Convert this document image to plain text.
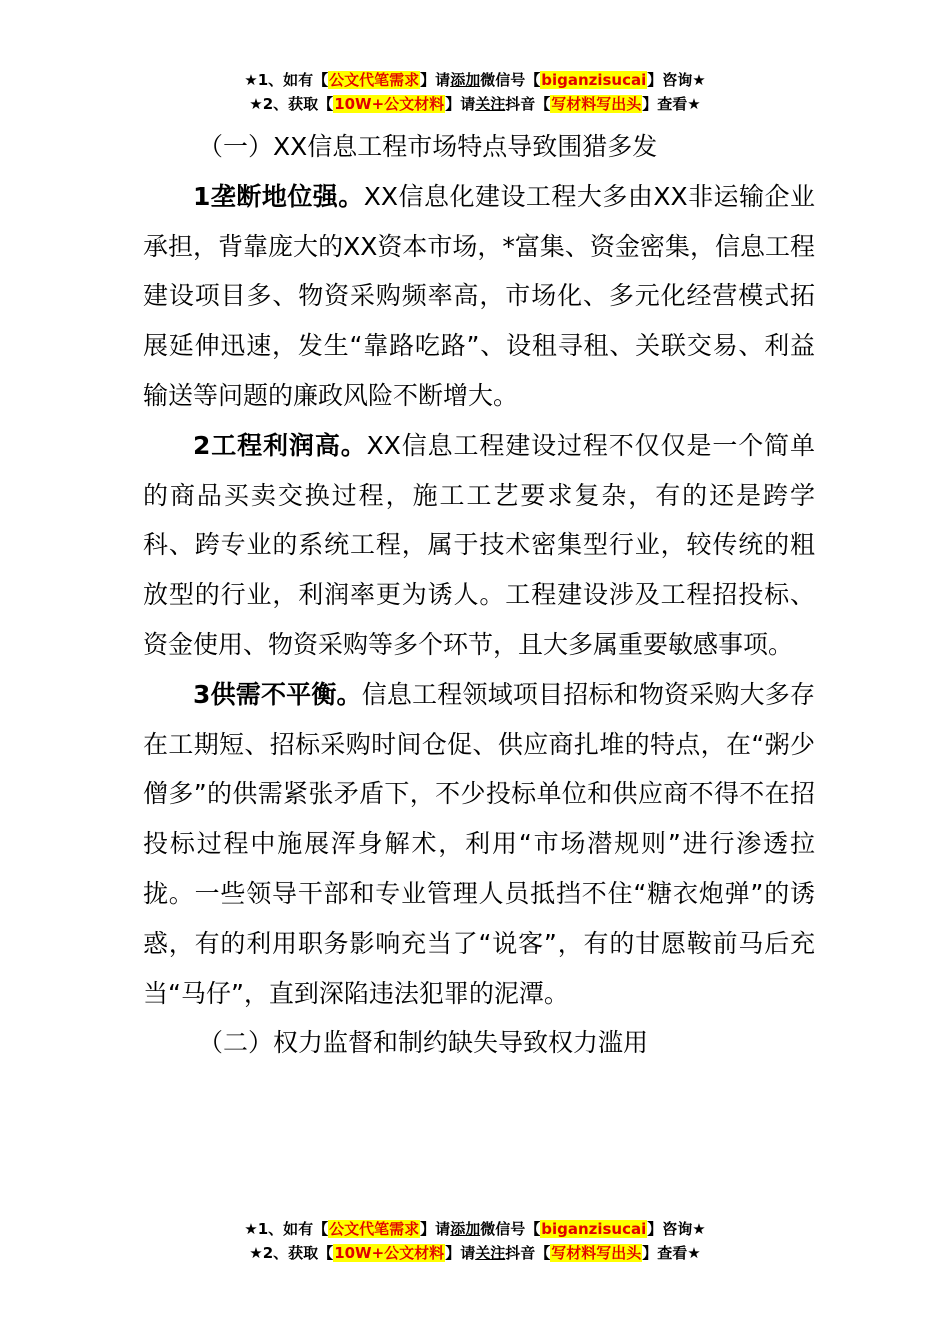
★1、如有【公文代笔需求】请添加微信号【biganzisucai】咨询★
★2、获取【10W+公文材料】请关注抖音【写材料写出头】查看★

（一）XX信息工程市场特点导致围猎多发

1垄断地位强。XX信息化建设工程大多由XX非运输企业承担，背靠庞大的XX资本市场，*富集、资金密集，信息工程建设项目多、物资采购频率高，市场化、多元化经营模式拓展延伸迅速，发生“靠路吃路”、设租寻租、关联交易、利益输送等问题的廉政风险不断增大。

2工程利润高。XX信息工程建设过程不仅仅是一个简单的商品买卖交换过程，施工工艺要求复杂，有的还是跨学科、跨专业的系统工程，属于技术密集型行业，较传统的粗放型的行业，利润率更为诱人。工程建设涉及工程招投标、资金使用、物资采购等多个环节，且大多属重要敏感事项。

3供需不平衡。信息工程领域项目招标和物资采购大多存在工期短、招标采购时间仓促、供应商扎堆的特点，在“粥少僧多”的供需紧张矛盾下，不少投标单位和供应商不得不在招投标过程中施展浑身解术，利用“市场潜规则”进行渗透拉拢。一些领导干部和专业管理人员抵挡不住“糖衣炮弹”的诱惑，有的利用职务影响充当了“说客”，有的甘愿鞍前马后充当“马仔”，直到深陷违法犯罪的泥潭。

（二）权力监督和制约缺失导致权力滥用

★1、如有【公文代笔需求】请添加微信号【biganzisucai】咨询★
★2、获取【10W+公文材料】请关注抖音【写材料写出头】查看★
